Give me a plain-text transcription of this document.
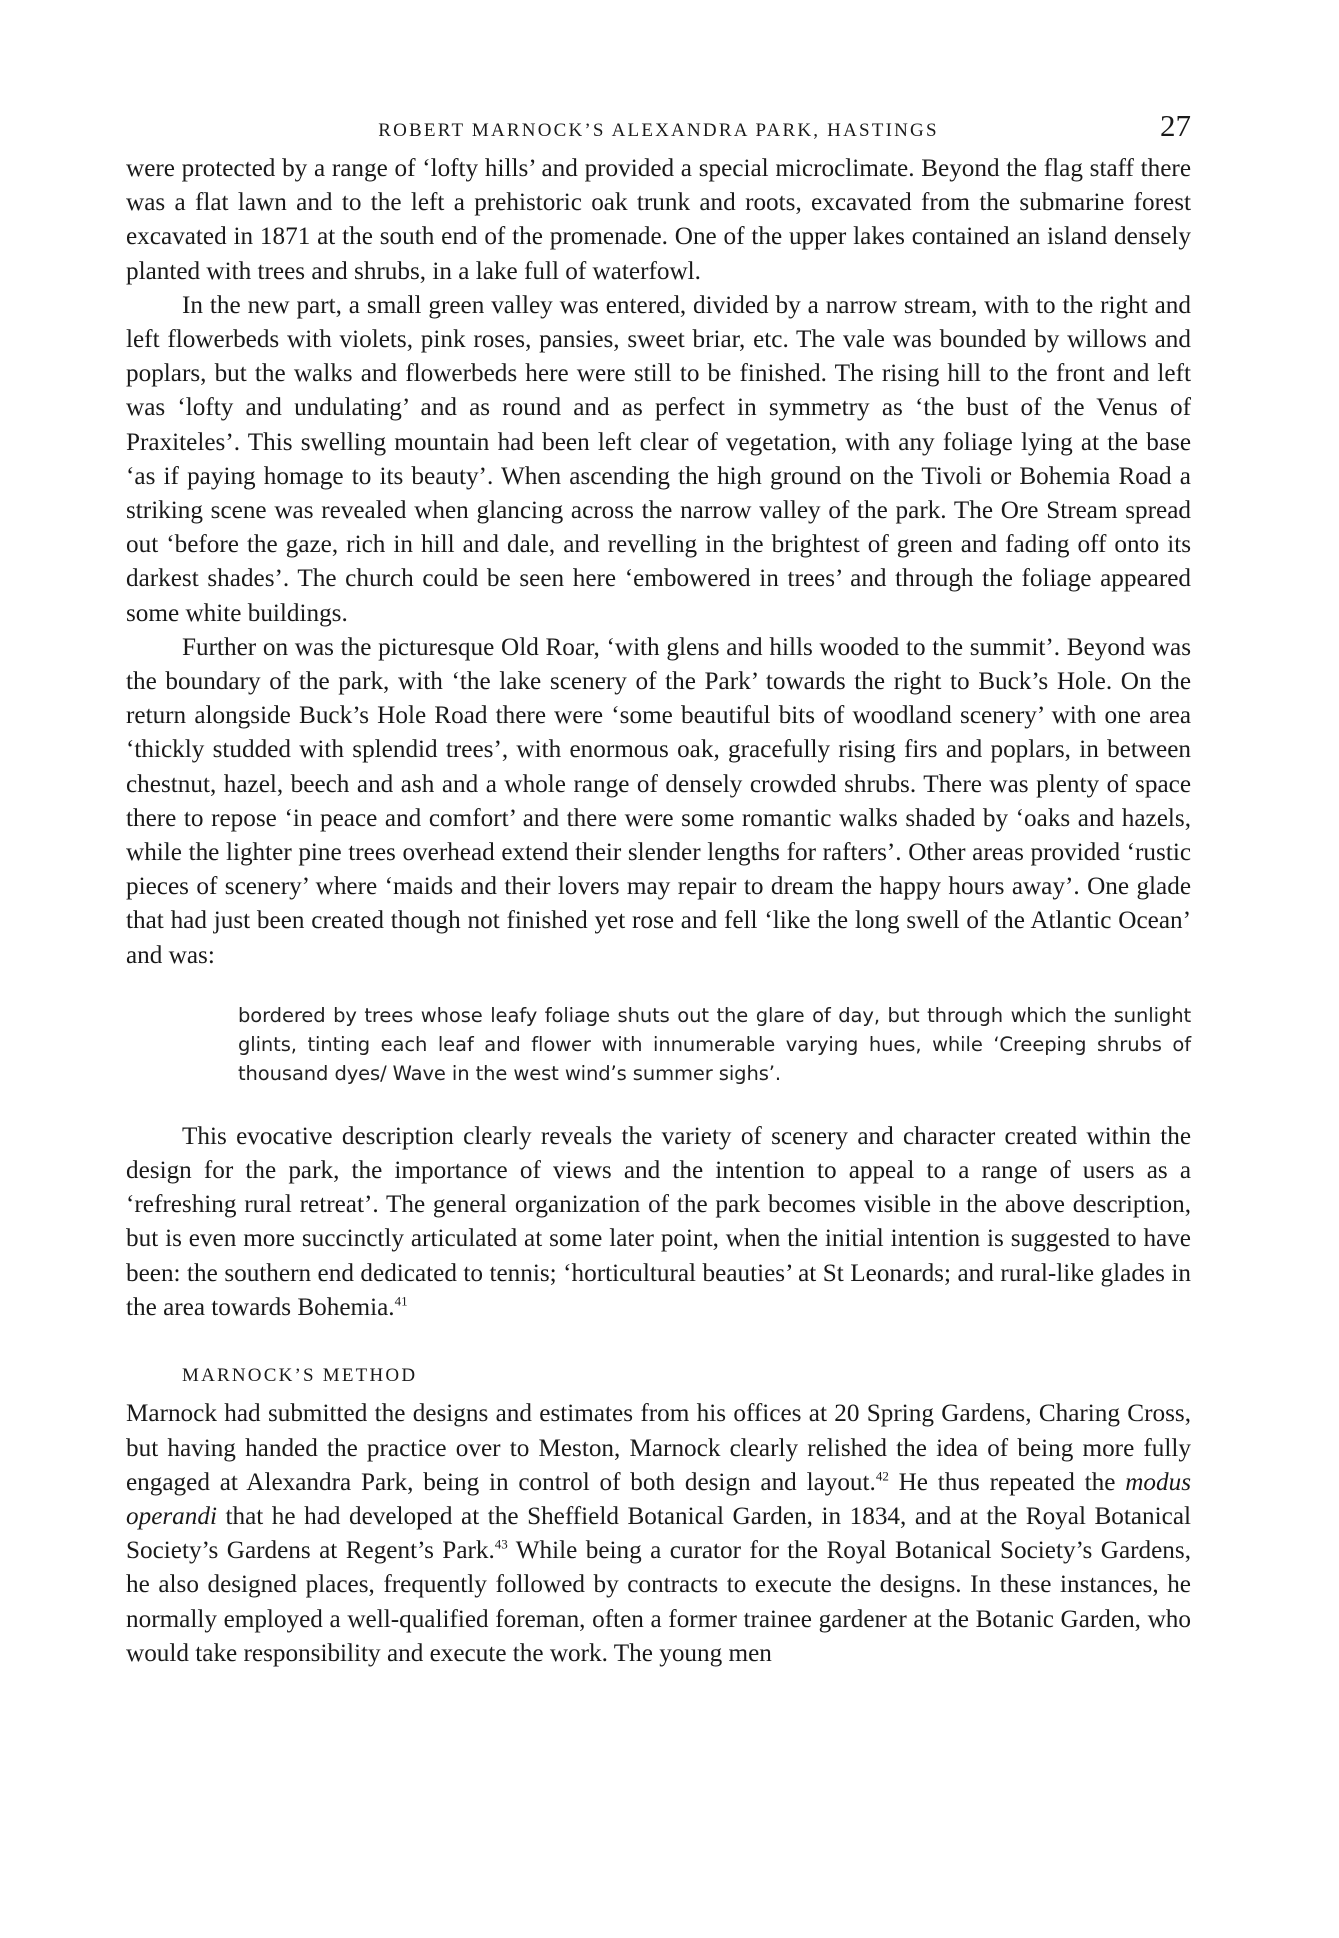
ROBERT MARNOCK’S ALEXANDRA PARK, HASTINGS	27

were protected by a range of ‘lofty hills’ and provided a special microclimate. Beyond the flag staff there was a flat lawn and to the left a prehistoric oak trunk and roots, excavated from the submarine forest excavated in 1871 at the south end of the promenade. One of the upper lakes contained an island densely planted with trees and shrubs, in a lake full of waterfowl.

In the new part, a small green valley was entered, divided by a narrow stream, with to the right and left flowerbeds with violets, pink roses, pansies, sweet briar, etc. The vale was bounded by willows and poplars, but the walks and flowerbeds here were still to be finished. The rising hill to the front and left was ‘lofty and undulating’ and as round and as perfect in symmetry as ‘the bust of the Venus of Praxiteles’. This swelling mountain had been left clear of vegetation, with any foliage lying at the base ‘as if paying homage to its beauty’. When ascending the high ground on the Tivoli or Bohemia Road a striking scene was revealed when glancing across the narrow valley of the park. The Ore Stream spread out ‘before the gaze, rich in hill and dale, and revelling in the brightest of green and fading off onto its darkest shades’. The church could be seen here ‘embowered in trees’ and through the foliage appeared some white buildings.

Further on was the picturesque Old Roar, ‘with glens and hills wooded to the summit’. Beyond was the boundary of the park, with ‘the lake scenery of the Park’ towards the right to Buck’s Hole. On the return alongside Buck’s Hole Road there were ‘some beautiful bits of woodland scenery’ with one area ‘thickly studded with splendid trees’, with enormous oak, gracefully rising firs and poplars, in between chestnut, hazel, beech and ash and a whole range of densely crowded shrubs. There was plenty of space there to repose ‘in peace and comfort’ and there were some romantic walks shaded by ‘oaks and hazels, while the lighter pine trees overhead extend their slender lengths for rafters’. Other areas provided ‘rustic pieces of scenery’ where ‘maids and their lovers may repair to dream the happy hours away’. One glade that had just been created though not finished yet rose and fell ‘like the long swell of the Atlantic Ocean’ and was:

bordered by trees whose leafy foliage shuts out the glare of day, but through which the sunlight glints, tinting each leaf and flower with innumerable varying hues, while ‘Creeping shrubs of thousand dyes/ Wave in the west wind’s summer sighs’.

This evocative description clearly reveals the variety of scenery and character created within the design for the park, the importance of views and the intention to appeal to a range of users as a ‘refreshing rural retreat’. The general organization of the park becomes visible in the above description, but is even more succinctly articulated at some later point, when the initial intention is suggested to have been: the southern end dedicated to tennis; ‘horticultural beauties’ at St Leonards; and rural-like glades in the area towards Bohemia.$^{41}$

MARNOCK’S METHOD

Marnock had submitted the designs and estimates from his offices at 20 Spring Gardens, Charing Cross, but having handed the practice over to Meston, Marnock clearly relished the idea of being more fully engaged at Alexandra Park, being in control of both design and layout.$^{42}$ He thus repeated the modus operandi that he had developed at the Sheffield Botanical Garden, in 1834, and at the Royal Botanical Society’s Gardens at Regent’s Park.$^{43}$ While being a curator for the Royal Botanical Society’s Gardens, he also designed places, frequently followed by contracts to execute the designs. In these instances, he normally employed a well-qualified foreman, often a former trainee gardener at the Botanic Garden, who would take responsibility and execute the work. The young men
